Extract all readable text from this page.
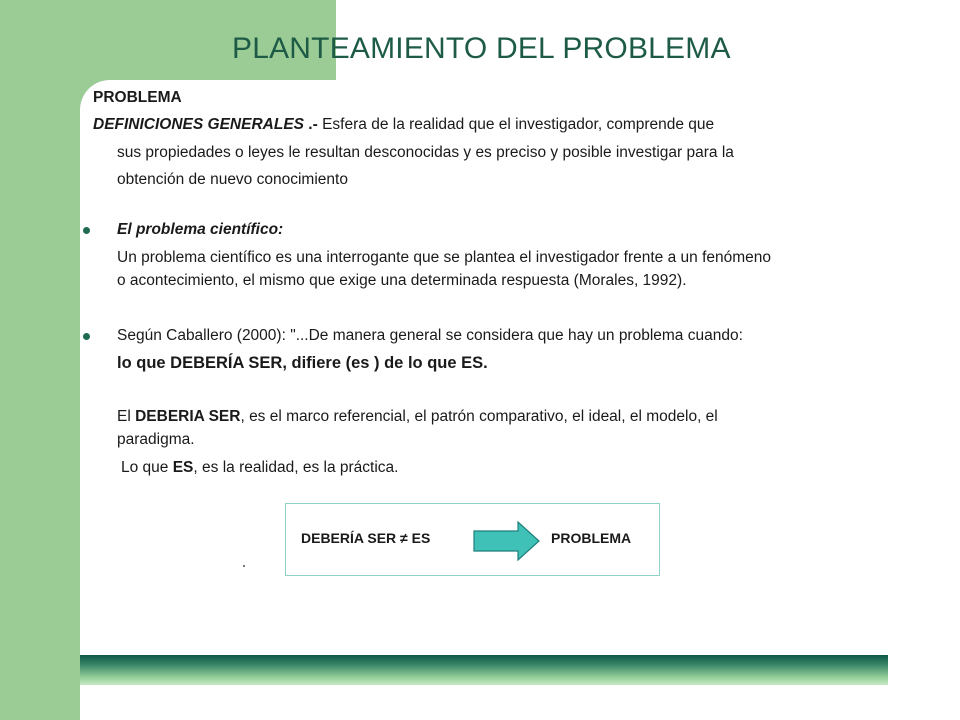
PLANTEAMIENTO DEL PROBLEMA
PROBLEMA
DEFINICIONES GENERALES .- Esfera de la realidad que el investigador, comprende que
sus propiedades o leyes le resultan desconocidas y es preciso y posible investigar para la
obtención de nuevo conocimiento
El problema científico:
Un problema científico es una interrogante que se plantea el investigador frente a un fenómeno
o acontecimiento, el mismo que exige una determinada respuesta (Morales, 1992).
Según Caballero (2000): "...De manera general se considera que hay un problema cuando:
lo que DEBERÍA SER, difiere (es ) de lo que ES.
El DEBERIA SER, es el marco referencial, el patrón comparativo, el ideal, el modelo, el
paradigma.
Lo que ES, es la realidad, es la práctica.
DEBERÍA SER ≠ ES	PROBLEMA
